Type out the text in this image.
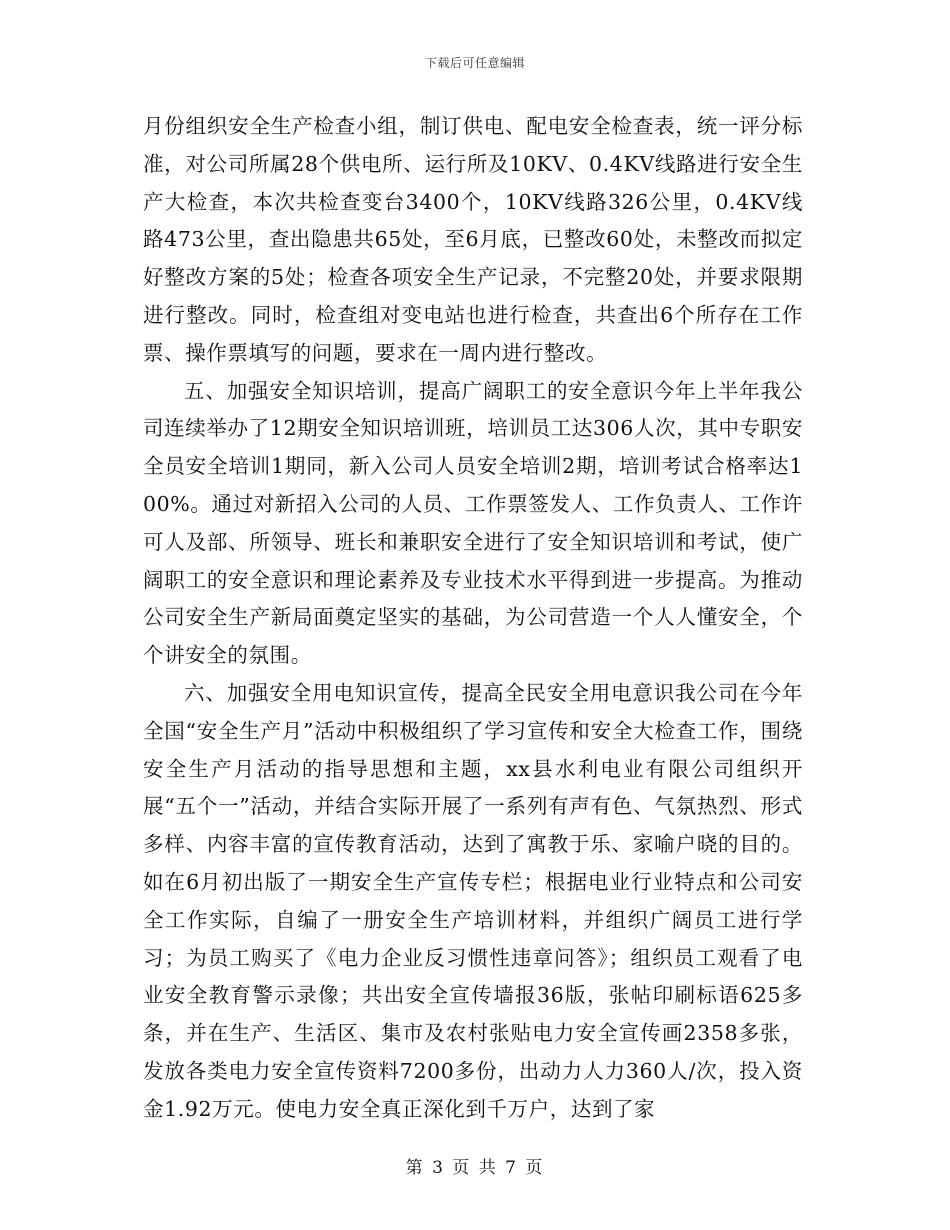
下载后可任意编辑

月份组织安全生产检查小组，制订供电、配电安全检查表，统一评分标准，对公司所属28个供电所、运行所及10KV、0.4KV线路进行安全生产大检查，本次共检查变台3400个，10KV线路326公里，0.4KV线路473公里，查出隐患共65处，至6月底，已整改60处，未整改而拟定好整改方案的5处；检查各项安全生产记录，不完整20处，并要求限期进行整改。同时，检查组对变电站也进行检查，共查出6个所存在工作票、操作票填写的问题，要求在一周内进行整改。

五、加强安全知识培训，提高广阔职工的安全意识今年上半年我公司连续举办了12期安全知识培训班，培训员工达306人次，其中专职安全员安全培训1期同，新入公司人员安全培训2期，培训考试合格率达100%。通过对新招入公司的人员、工作票签发人、工作负责人、工作许可人及部、所领导、班长和兼职安全进行了安全知识培训和考试，使广阔职工的安全意识和理论素养及专业技术水平得到进一步提高。为推动公司安全生产新局面奠定坚实的基础，为公司营造一个人人懂安全，个个讲安全的氛围。

六、加强安全用电知识宣传，提高全民安全用电意识我公司在今年全国“安全生产月”活动中积极组织了学习宣传和安全大检查工作，围绕安全生产月活动的指导思想和主题，xx县水利电业有限公司组织开展“五个一”活动，并结合实际开展了一系列有声有色、气氛热烈、形式多样、内容丰富的宣传教育活动，达到了寓教于乐、家喻户晓的目的。如在6月初出版了一期安全生产宣传专栏；根据电业行业特点和公司安全工作实际，自编了一册安全生产培训材料，并组织广阔员工进行学习；为员工购买了《电力企业反习惯性违章问答》；组织员工观看了电业安全教育警示录像；共出安全宣传墙报36版，张帖印刷标语625多条，并在生产、生活区、集市及农村张贴电力安全宣传画2358多张，发放各类电力安全宣传资料7200多份，出动力人力360人/次，投入资金1.92万元。使电力安全真正深化到千万户，达到了家

第 3 页 共 7 页
